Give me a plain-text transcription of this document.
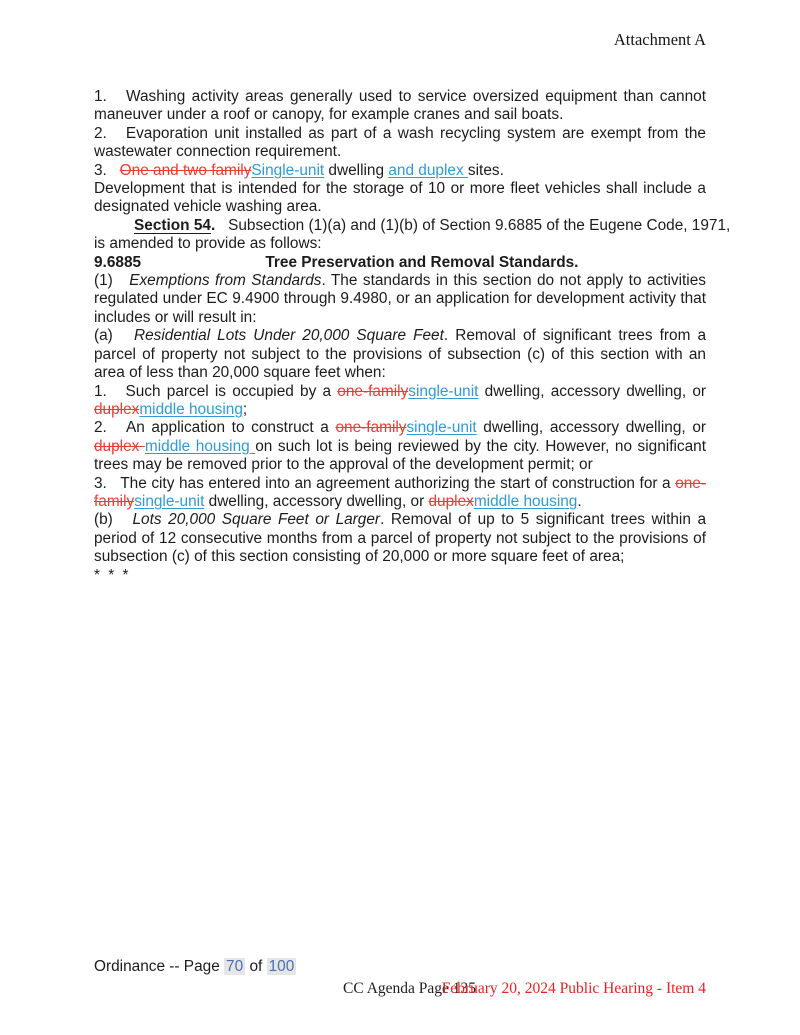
Attachment A

1.   Washing activity areas generally used to service oversized equipment than cannot maneuver under a roof or canopy, for example cranes and sail boats.

2.   Evaporation unit installed as part of a wash recycling system are exempt from the wastewater connection requirement.

3.   One and two familySingle-unit dwelling and duplex sites.

Development that is intended for the storage of 10 or more fleet vehicles shall include a designated vehicle washing area.

Section 54. Subsection (1)(a) and (1)(b) of Section 9.6885 of the Eugene Code, 1971,

is amended to provide as follows:

9.6885	Tree Preservation and Removal Standards.

(1)   Exemptions from Standards. The standards in this section do not apply to activities regulated under EC 9.4900 through 9.4980, or an application for development activity that includes or will result in:

(a)   Residential Lots Under 20,000 Square Feet. Removal of significant trees from a parcel of property not subject to the provisions of subsection (c) of this section with an area of less than 20,000 square feet when:

1.   Such parcel is occupied by a one-familysingle-unit dwelling, accessory dwelling, or duplexmiddle housing;

2.   An application to construct a one-familysingle-unit dwelling, accessory dwelling, or duplex middle housing on such lot is being reviewed by the city. However, no significant trees may be removed prior to the approval of the development permit; or

3.   The city has entered into an agreement authorizing the start of construction for a one-familysingle-unit dwelling, accessory dwelling, or duplexmiddle housing.

(b)   Lots 20,000 Square Feet or Larger. Removal of up to 5 significant trees within a period of 12 consecutive months from a parcel of property not subject to the provisions of subsection (c) of this section consisting of 20,000 or more square feet of area;

* * *

Ordinance -- Page 70 of 100
CC Agenda Page 135
February 20, 2024 Public Hearing - Item 4
